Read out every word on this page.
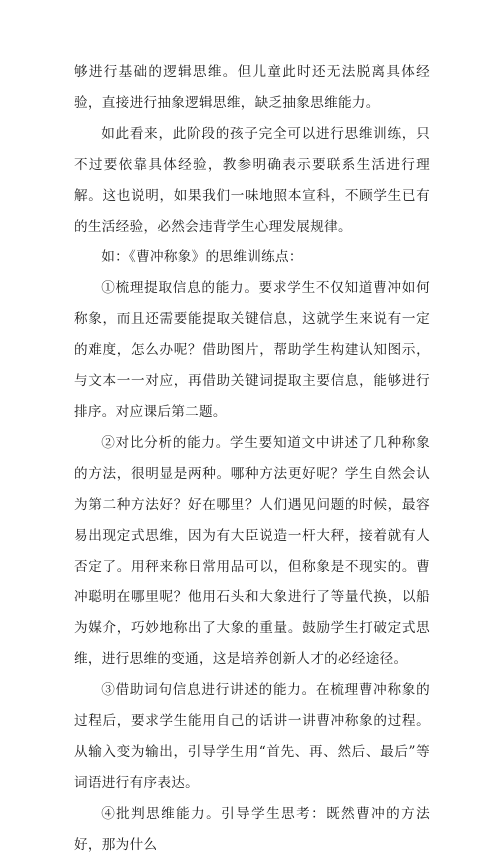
够进行基础的逻辑思维。但儿童此时还无法脱离具体经验，直接进行抽象逻辑思维，缺乏抽象思维能力。

如此看来，此阶段的孩子完全可以进行思维训练，只不过要依靠具体经验，教参明确表示要联系生活进行理解。这也说明，如果我们一味地照本宣科，不顾学生已有的生活经验，必然会违背学生心理发展规律。

如：《曹冲称象》的思维训练点：

①梳理提取信息的能力。要求学生不仅知道曹冲如何称象，而且还需要能提取关键信息，这就学生来说有一定的难度，怎么办呢？借助图片，帮助学生构建认知图示，与文本一一对应，再借助关键词提取主要信息，能够进行排序。对应课后第二题。

②对比分析的能力。学生要知道文中讲述了几种称象的方法，很明显是两种。哪种方法更好呢？学生自然会认为第二种方法好？好在哪里？人们遇见问题的时候，最容易出现定式思维，因为有大臣说造一杆大秤，接着就有人否定了。用秤来称日常用品可以，但称象是不现实的。曹冲聪明在哪里呢？他用石头和大象进行了等量代换，以船为媒介，巧妙地称出了大象的重量。鼓励学生打破定式思维，进行思维的变通，这是培养创新人才的必经途径。

③借助词句信息进行讲述的能力。在梳理曹冲称象的过程后，要求学生能用自己的话讲一讲曹冲称象的过程。从输入变为输出，引导学生用“首先、再、然后、最后”等词语进行有序表达。

④批判思维能力。引导学生思考：既然曹冲的方法好，那为什么
